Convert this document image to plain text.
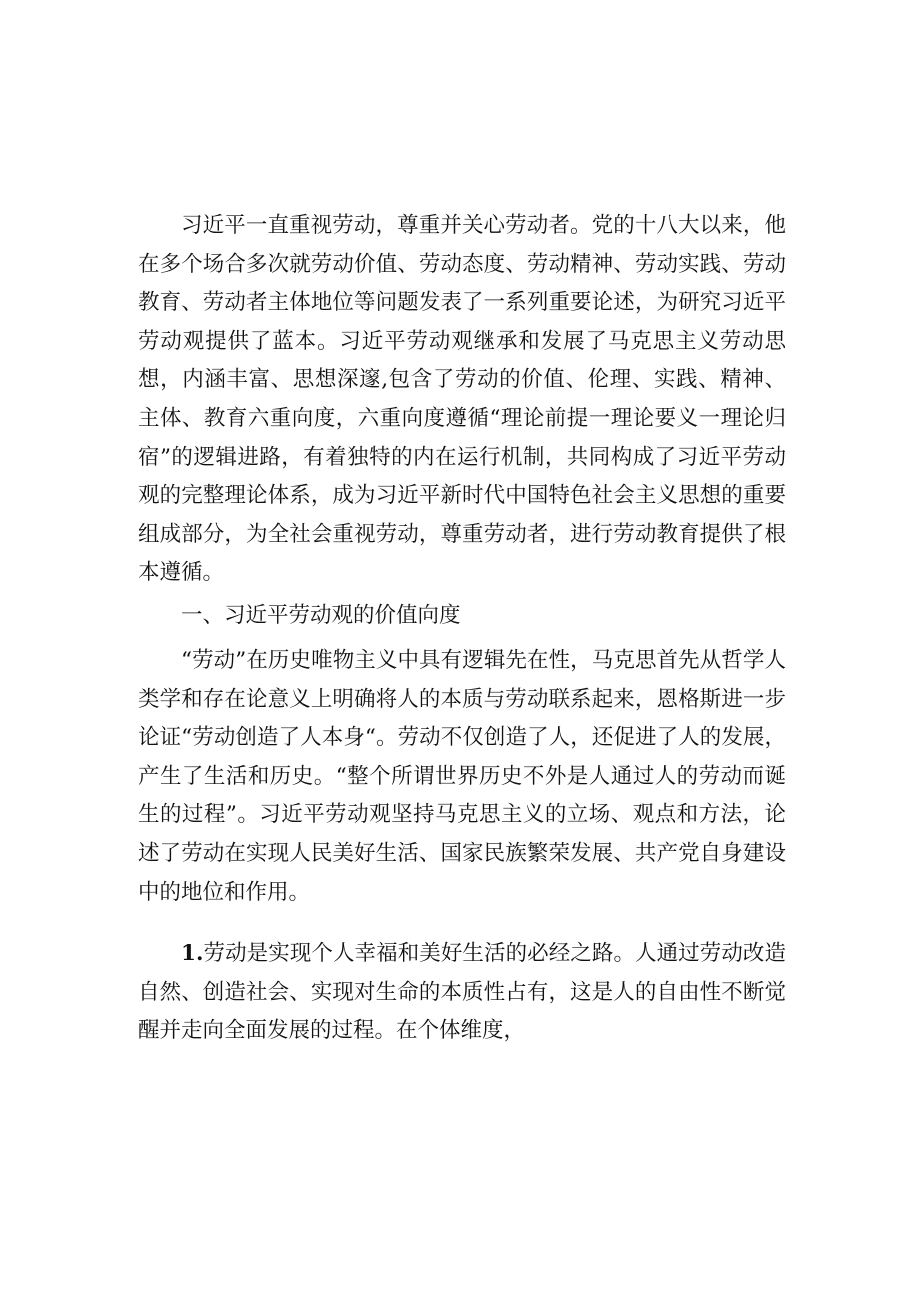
习近平一直重视劳动，尊重并关心劳动者。党的十八大以来，他在多个场合多次就劳动价值、劳动态度、劳动精神、劳动实践、劳动教育、劳动者主体地位等问题发表了一系列重要论述，为研究习近平劳动观提供了蓝本。习近平劳动观继承和发展了马克思主义劳动思想，内涵丰富、思想深邃,包含了劳动的价值、伦理、实践、精神、主体、教育六重向度，六重向度遵循“理论前提一理论要义一理论归宿”的逻辑进路，有着独特的内在运行机制，共同构成了习近平劳动观的完整理论体系，成为习近平新时代中国特色社会主义思想的重要组成部分，为全社会重视劳动，尊重劳动者，进行劳动教育提供了根本遵循。

一、习近平劳动观的价值向度

“劳动”在历史唯物主义中具有逻辑先在性，马克思首先从哲学人类学和存在论意义上明确将人的本质与劳动联系起来，恩格斯进一步论证“劳动创造了人本身“。劳动不仅创造了人，还促进了人的发展，产生了生活和历史。“整个所谓世界历史不外是人通过人的劳动而诞生的过程”。习近平劳动观坚持马克思主义的立场、观点和方法，论述了劳动在实现人民美好生活、国家民族繁荣发展、共产党自身建设中的地位和作用。

1.劳动是实现个人幸福和美好生活的必经之路。人通过劳动改造自然、创造社会、实现对生命的本质性占有，这是人的自由性不断觉醒并走向全面发展的过程。在个体维度，
